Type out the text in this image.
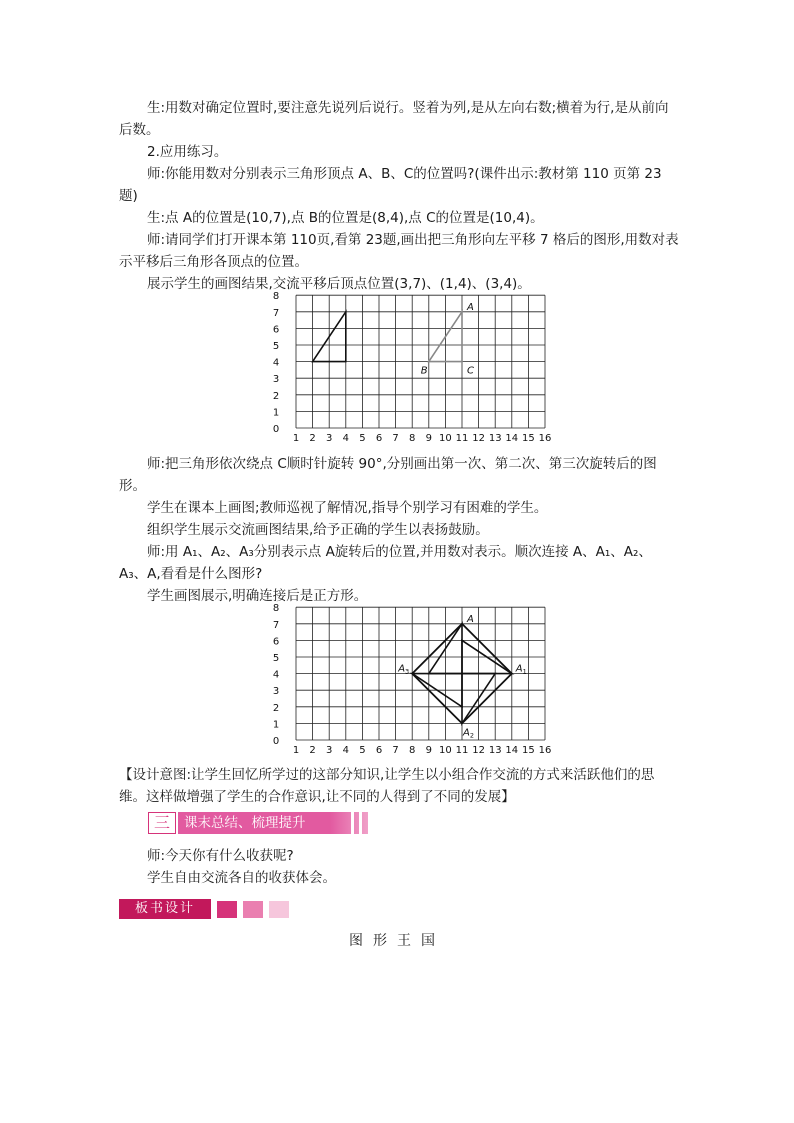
生:用数对确定位置时,要注意先说列后说行。竖着为列,是从左向右数;横着为行,是从前向后数。

2.应用练习。

师:你能用数对分别表示三角形顶点 A、B、C的位置吗?(课件出示:教材第 110 页第 23 题)

生:点 A的位置是(10,7),点 B的位置是(8,4),点 C的位置是(10,4)。

师:请同学们打开课本第 110页,看第 23题,画出把三角形向左平移 7 格后的图形,用数对表示平移后三角形各顶点的位置。

展示学生的画图结果,交流平移后顶点位置(3,7)、(1,4)、(3,4)。

1 2 3 4 5 6 7 8 9 10 11 12 13 14 15 16
0
1
2
3
4
5
6
7
8
A
B	C

师:把三角形依次绕点 C顺时针旋转 90°,分别画出第一次、第二次、第三次旋转后的图形。

学生在课本上画图;教师巡视了解情况,指导个别学习有困难的学生。

组织学生展示交流画图结果,给予正确的学生以表扬鼓励。

师:用 A₁、A₂、A₃分别表示点 A旋转后的位置,并用数对表示。顺次连接 A、A₁、A₂、A₃、A,看看是什么图形?

学生画图展示,明确连接后是正方形。

1 2 3 4 5 6 7 8 9 10 11 12 13 14 15 16
0
1
2
3
4
5
6
7
8
A
$A_1$
$A_2$
$A_3$

【设计意图:让学生回忆所学过的这部分知识,让学生以小组合作交流的方式来活跃他们的思维。这样做增强了学生的合作意识,让不同的人得到了不同的发展】

三	课末总结、梳理提升

师:今天你有什么收获呢?

学生自由交流各自的收获体会。

板书设计
图形王国
